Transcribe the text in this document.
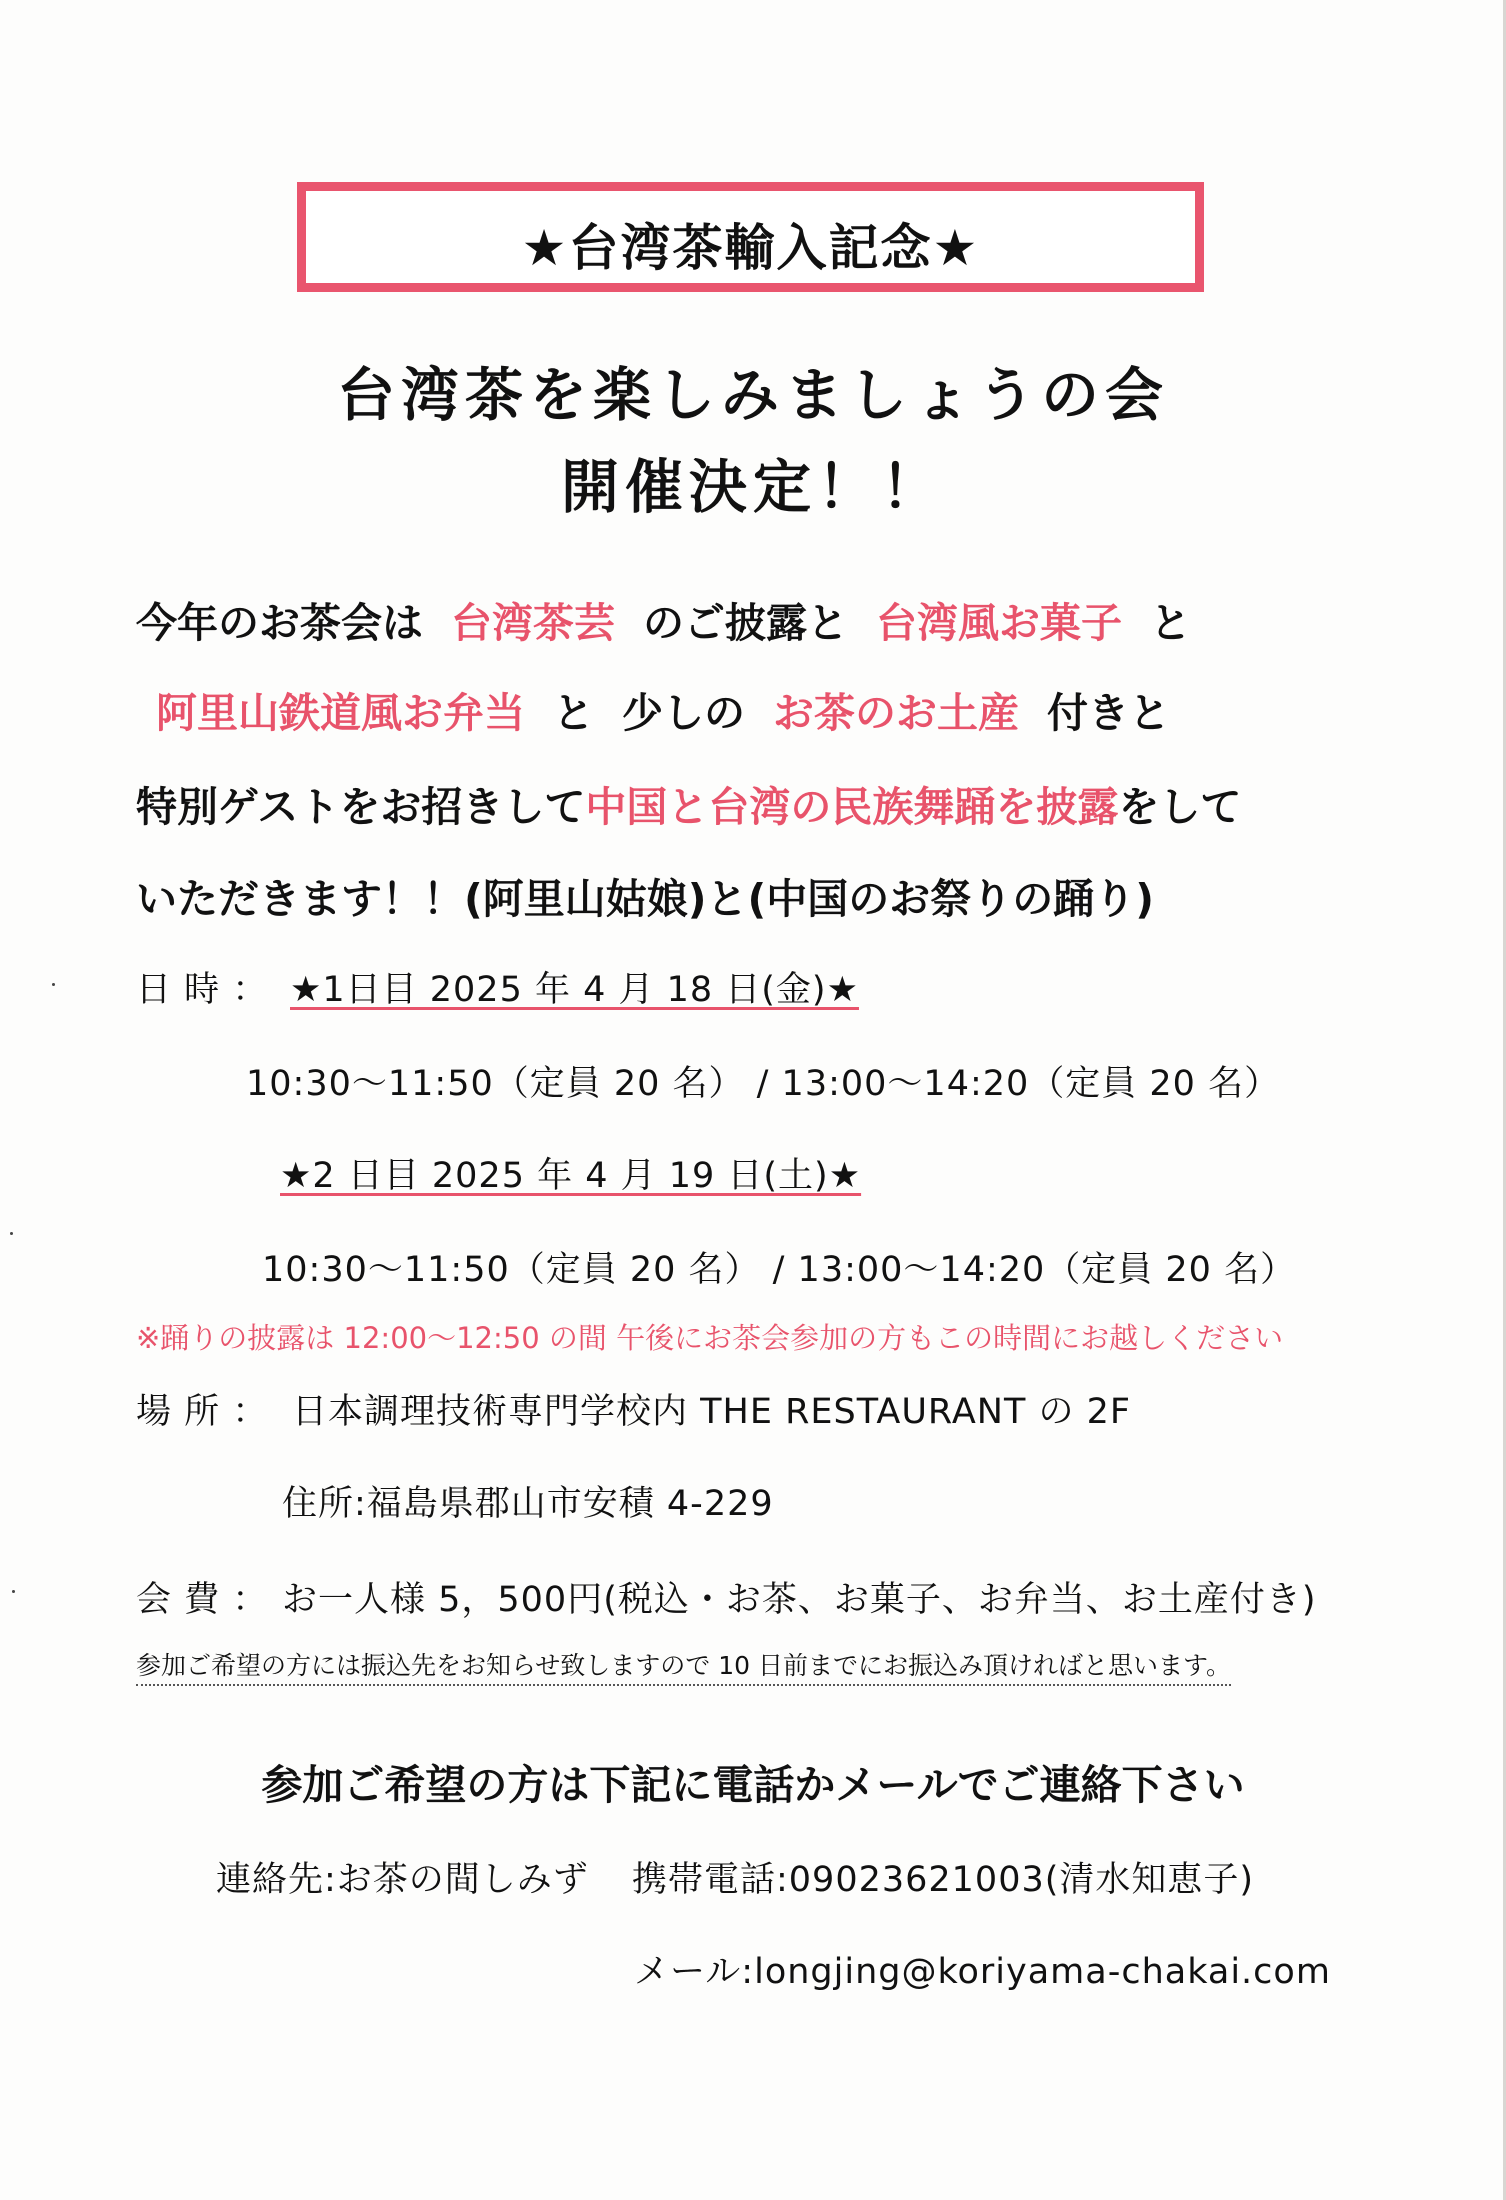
★台湾茶輸入記念★
台湾茶を楽しみましょうの会
開催決定！！
今年のお茶会は 台湾茶芸 のご披露と 台湾風お菓子 と
阿里山鉄道風お弁当 と 少しの お茶のお土産 付きと
特別ゲストをお招きして中国と台湾の民族舞踊を披露をして
いただきます！！(阿里山姑娘)と(中国のお祭りの踊り)
日 時 ： ★1日目 2025 年 4 月 18 日(金)★
10:30～11:50（定員 20 名） / 13:00～14:20（定員 20 名）
★2 日目 2025 年 4 月 19 日(土)★
10:30～11:50（定員 20 名） / 13:00～14:20（定員 20 名）
※踊りの披露は 12:00～12:50 の間 午後にお茶会参加の方もこの時間にお越しください
場 所 ： 日本調理技術専門学校内 THE RESTAURANT の 2F
住所:福島県郡山市安積 4-229
会 費 ： お一人様 5，500円(税込・お茶、お菓子、お弁当、お土産付き)
参加ご希望の方には振込先をお知らせ致しますので 10 日前までにお振込み頂ければと思います。
参加ご希望の方は下記に電話かメールでご連絡下さい
連絡先:お茶の間しみず 携帯電話:09023621003(清水知恵子)
メール:longjing@koriyama-chakai.com
